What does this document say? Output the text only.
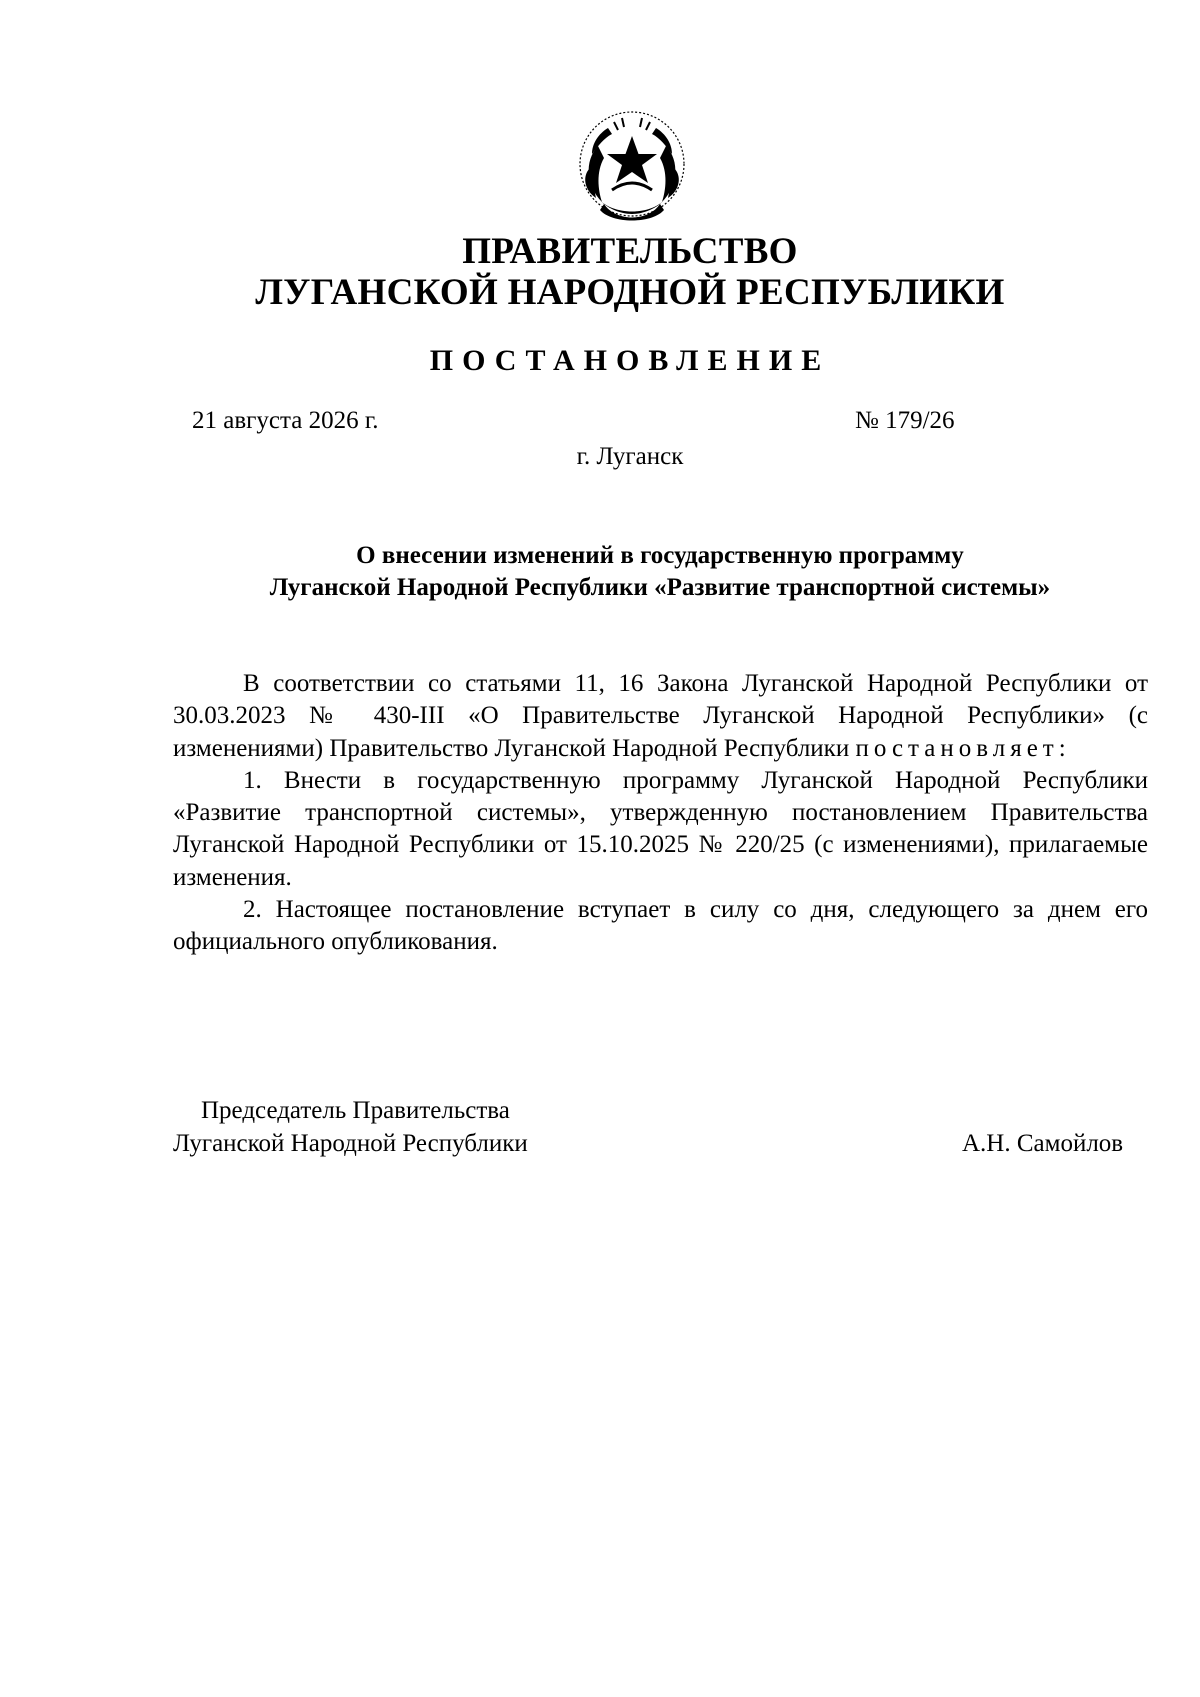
ПРАВИТЕЛЬСТВО
ЛУГАНСКОЙ НАРОДНОЙ РЕСПУБЛИКИ
ПОСТАНОВЛЕНИЕ
21 августа 2026 г.	№ 179/26
г. Луганск
О внесении изменений в государственную программу
Луганской Народной Республики «Развитие транспортной системы»

В соответствии со статьями 11, 16 Закона Луганской Народной Республики от 30.03.2023 № 430-III «О Правительстве Луганской Народной Республики» (с изменениями) Правительство Луганской Народной Республики постановляет:

1. Внести в государственную программу Луганской Народной Республики «Развитие транспортной системы», утвержденную постановлением Правительства Луганской Народной Республики от 15.10.2025 № 220/25 (с изменениями), прилагаемые изменения.

2. Настоящее постановление вступает в силу со дня, следующего за днем его официального опубликования.

Председатель Правительства
Луганской Народной Республики	А.Н. Самойлов
